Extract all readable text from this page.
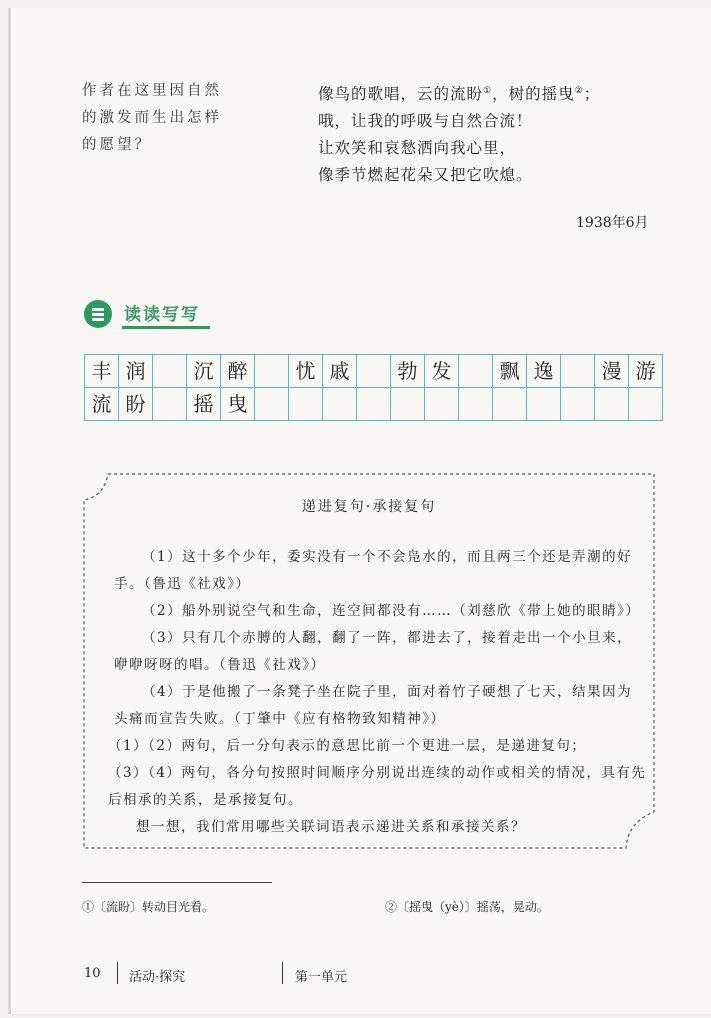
作者在这里因自然的激发而生出怎样的愿望？
像鸟的歌唱，云的流盼①，树的摇曳②；
哦，让我的呼吸与自然合流！
让欢笑和哀愁洒向我心里，
像季节燃起花朵又把它吹熄。
1938年6月
读读写写
丰 润	沉 醉	忧 戚	勃 发	飘 逸	漫 游
流 盼	摇 曳
递进复句·承接复句

（1）这十多个少年，委实没有一个不会凫水的，而且两三个还是弄潮的好手。（鲁迅《社戏》）

（2）船外别说空气和生命，连空间都没有……（刘慈欣《带上她的眼睛》）

（3）只有几个赤膊的人翻，翻了一阵，都进去了，接着走出一个小旦来，咿咿呀呀的唱。（鲁迅《社戏》）

（4）于是他搬了一条凳子坐在院子里，面对着竹子硬想了七天，结果因为头痛而宣告失败。（丁肇中《应有格物致知精神》）

（1）（2）两句，后一分句表示的意思比前一个更进一层，是递进复句；

（3）（4）两句，各分句按照时间顺序分别说出连续的动作或相关的情况，具有先后相承的关系，是承接复句。

想一想，我们常用哪些关联词语表示递进关系和承接关系？

①〔流盼〕转动目光看。	②〔摇曳（yè）〕摇荡，晃动。
10 活动·探究	第一单元
